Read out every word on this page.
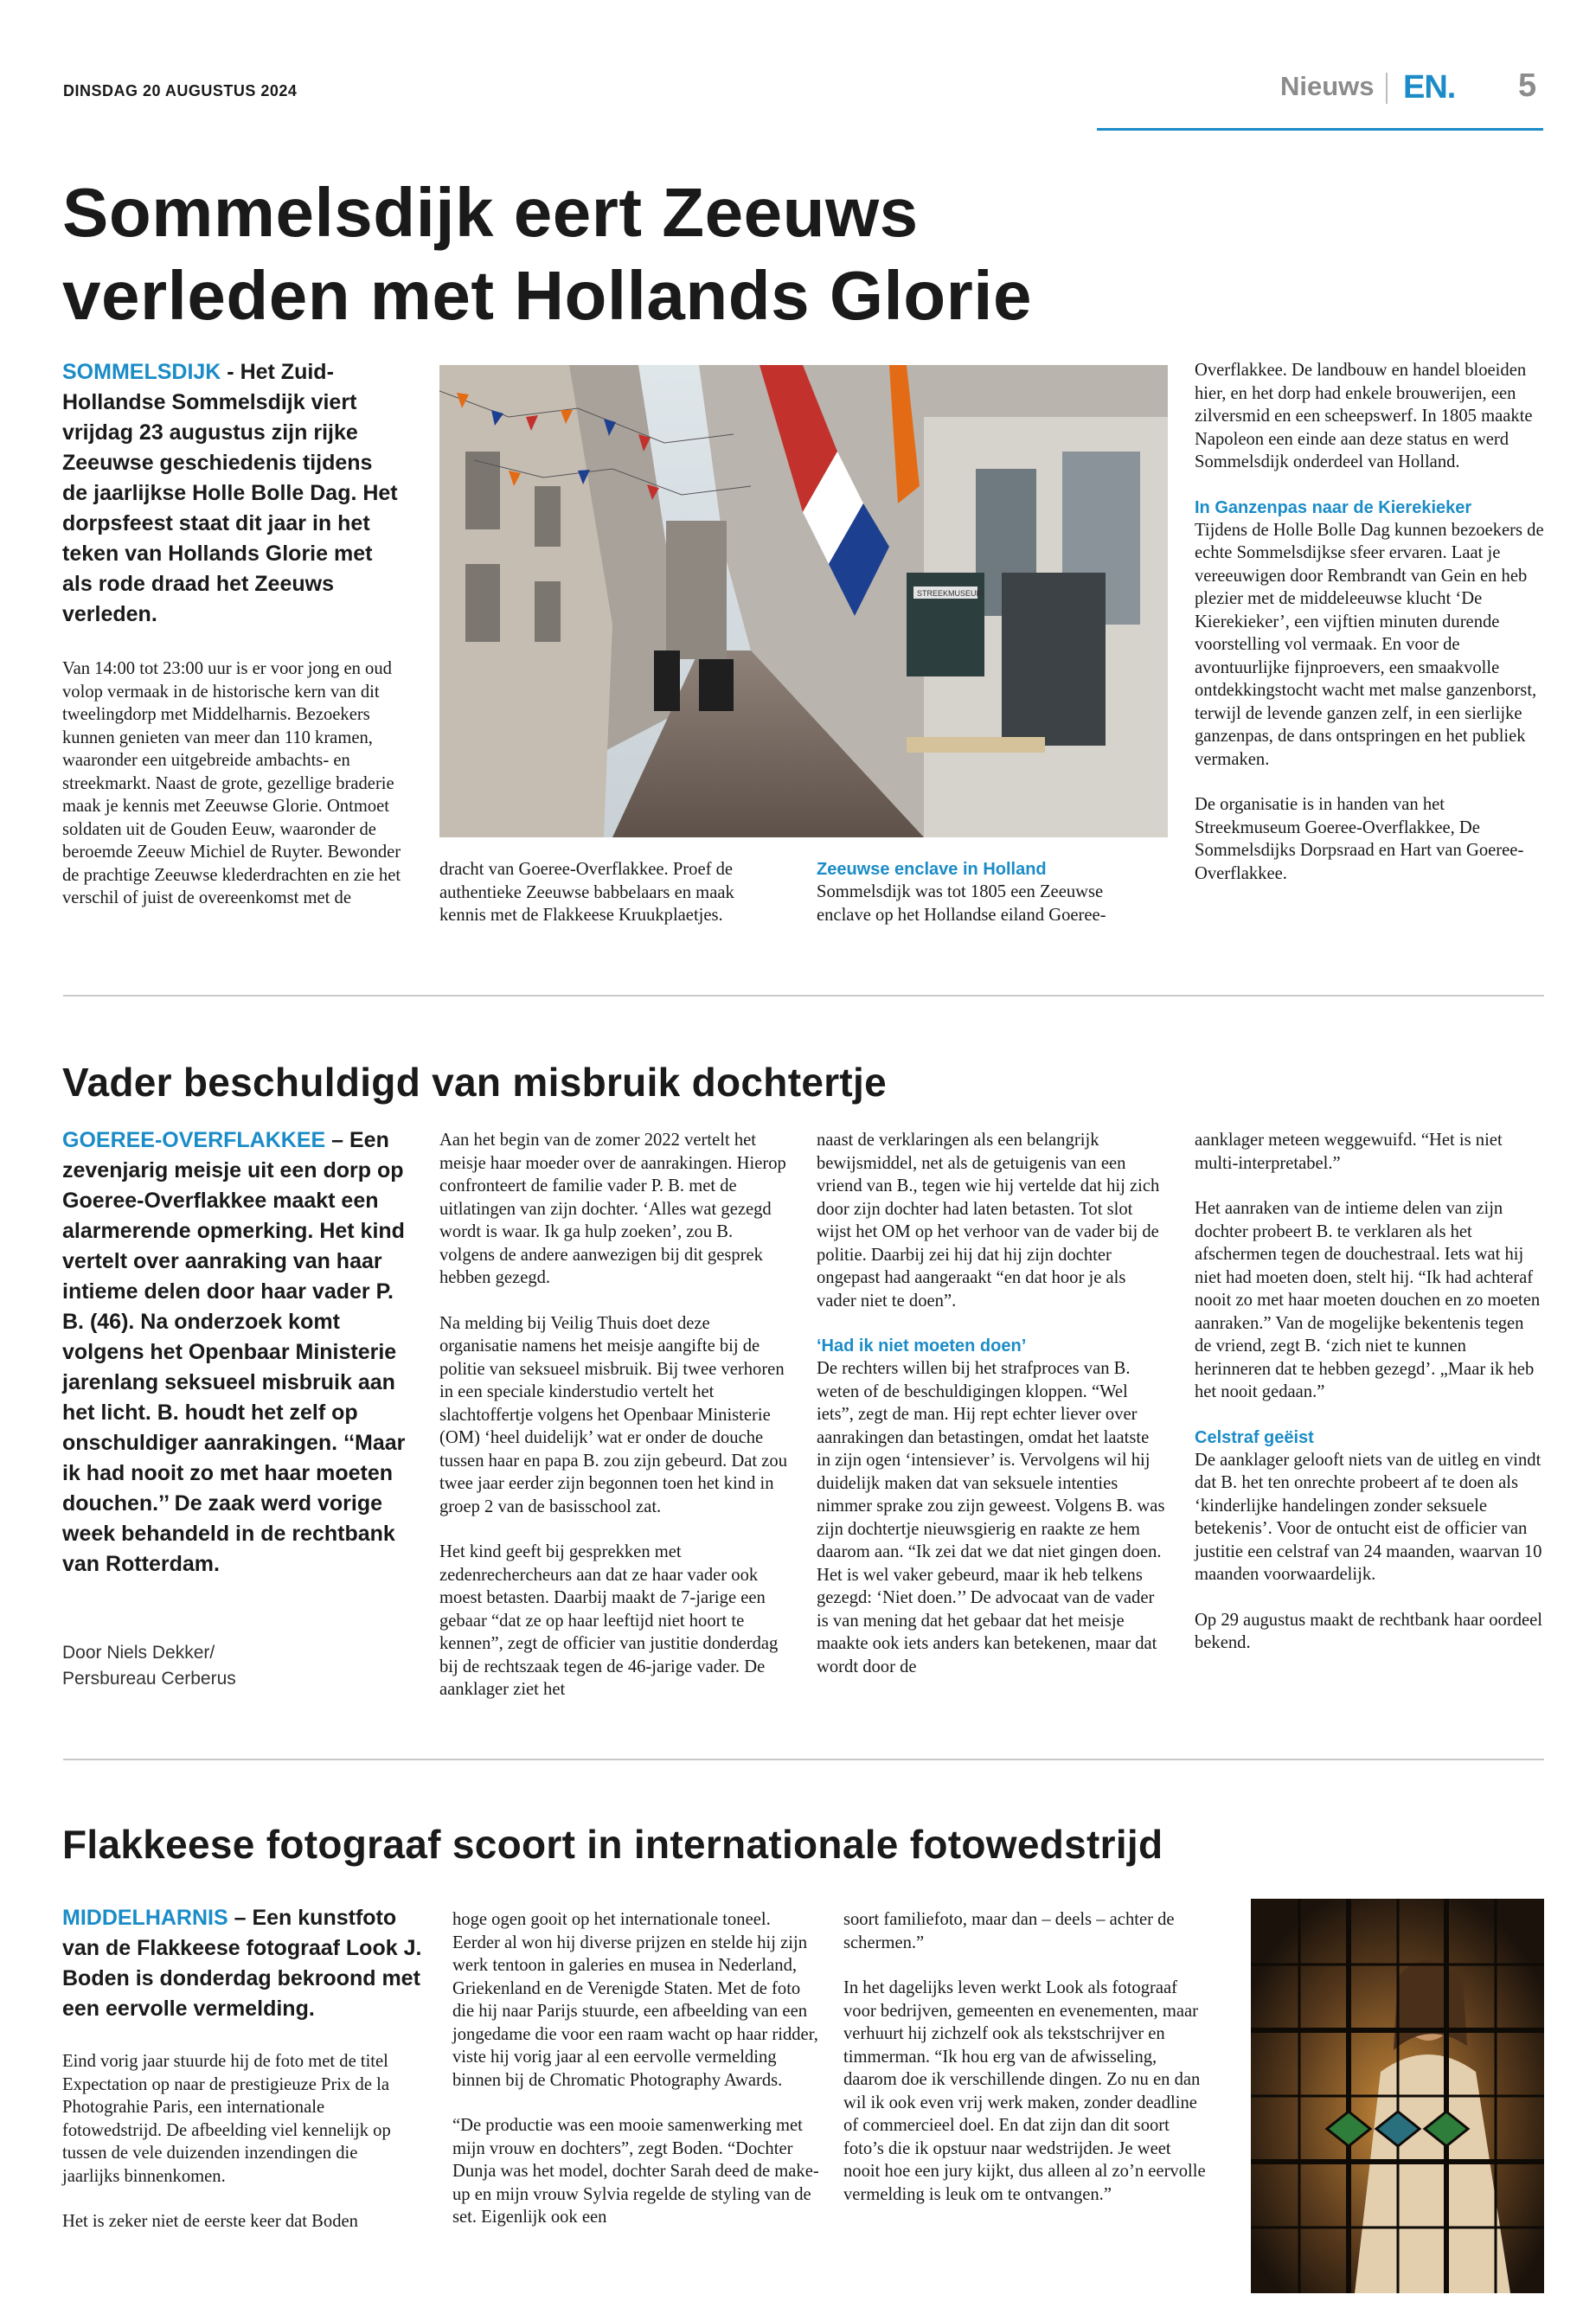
DINSDAG 20 AUGUSTUS 2024	Nieuws EN. 5
Sommelsdijk eert Zeeuws
verleden met Hollands Glorie
SOMMELSDIJK - Het Zuid-Hollandse Sommelsdijk viert vrijdag 23 augustus zijn rijke Zeeuwse geschiedenis tijdens de jaarlijkse Holle Bolle Dag. Het dorpsfeest staat dit jaar in het teken van Hollands Glorie met als rode draad het Zeeuws verleden.

Van 14:00 tot 23:00 uur is er voor jong en oud volop vermaak in de historische kern van dit tweelingdorp met Middelharnis. Bezoekers kunnen genieten van meer dan 110 kramen, waaronder een uitgebreide ambachts- en streekmarkt. Naast de grote, gezellige braderie maak je kennis met Zeeuwse Glorie. Ontmoet soldaten uit de Gouden Eeuw, waaronder de beroemde Zeeuw Michiel de Ruyter. Bewonder de prachtige Zeeuwse klederdrachten en zie het verschil of juist de overeenkomst met de

STREEKMUSEUM

dracht van Goeree-Overflakkee. Proef de authentieke Zeeuwse babbelaars en maak kennis met de Flakkeese Kruukplaetjes.

Zeeuwse enclave in Holland

Sommelsdijk was tot 1805 een Zeeuwse enclave op het Hollandse eiland Goeree-

Overflakkee. De landbouw en handel bloeiden hier, en het dorp had enkele brouwerijen, een zilversmid en een scheepswerf. In 1805 maakte Napoleon een einde aan deze status en werd Sommelsdijk onderdeel van Holland.

In Ganzenpas naar de Kierekieker

Tijdens de Holle Bolle Dag kunnen bezoekers de echte Sommelsdijkse sfeer ervaren. Laat je vereeuwigen door Rembrandt van Gein en heb plezier met de middeleeuwse klucht ‘De Kierekieker’, een vijftien minuten durende voorstelling vol vermaak. En voor de avontuurlijke fijnproevers, een smaakvolle ontdekkingstocht wacht met malse ganzenborst, terwijl de levende ganzen zelf, in een sierlijke ganzenpas, de dans ontspringen en het publiek vermaken.

De organisatie is in handen van het Streekmuseum Goeree-Overflakkee, De Sommelsdijks Dorpsraad en Hart van Goeree-Overflakkee.

Vader beschuldigd van misbruik dochtertje
GOEREE-OVERFLAKKEE – Een zevenjarig meisje uit een dorp op Goeree-Overflakkee maakt een alarmerende opmerking. Het kind vertelt over aanraking van haar intieme delen door haar vader P. B. (46). Na onderzoek komt volgens het Openbaar Ministerie jarenlang seksueel misbruik aan het licht. B. houdt het zelf op onschuldiger aanrakingen. ‘‘Maar ik had nooit zo met haar moeten douchen.’’ De zaak werd vorige week behandeld in de rechtbank van Rotterdam.
Door Niels Dekker/
Persbureau Cerberus

Aan het begin van de zomer 2022 vertelt het meisje haar moeder over de aanrakingen. Hierop confronteert de familie vader P. B. met de uitlatingen van zijn dochter. ‘Alles wat gezegd wordt is waar. Ik ga hulp zoeken’, zou B. volgens de andere aanwezigen bij dit gesprek hebben gezegd.

Na melding bij Veilig Thuis doet deze organisatie namens het meisje aangifte bij de politie van seksueel misbruik. Bij twee verhoren in een speciale kinderstudio vertelt het slachtoffertje volgens het Openbaar Ministerie (OM) ‘heel duidelijk’ wat er onder de douche tussen haar en papa B. zou zijn gebeurd. Dat zou twee jaar eerder zijn begonnen toen het kind in groep 2 van de basisschool zat.

Het kind geeft bij gesprekken met zedenrechercheurs aan dat ze haar vader ook moest betasten. Daarbij maakt de 7-jarige een gebaar “dat ze op haar leeftijd niet hoort te kennen”, zegt de officier van justitie donderdag bij de rechtszaak tegen de 46-jarige vader. De aanklager ziet het

naast de verklaringen als een belangrijk bewijsmiddel, net als de getuigenis van een vriend van B., tegen wie hij vertelde dat hij zich door zijn dochter had laten betasten. Tot slot wijst het OM op het verhoor van de vader bij de politie. Daarbij zei hij dat hij zijn dochter ongepast had aangeraakt “en dat hoor je als vader niet te doen”.

‘Had ik niet moeten doen’

De rechters willen bij het strafproces van B. weten of de beschuldigingen kloppen. “Wel iets”, zegt de man. Hij rept echter liever over aanrakingen dan betastingen, omdat het laatste in zijn ogen ‘intensiever’ is. Vervolgens wil hij duidelijk maken dat van seksuele intenties nimmer sprake zou zijn geweest. Volgens B. was zijn dochtertje nieuwsgierig en raakte ze hem daarom aan. “Ik zei dat we dat niet gingen doen. Het is wel vaker gebeurd, maar ik heb telkens gezegd: ‘Niet doen.’’ De advocaat van de vader is van mening dat het gebaar dat het meisje maakte ook iets anders kan betekenen, maar dat wordt door de

aanklager meteen weggewuifd. “Het is niet multi-interpretabel.”

Het aanraken van de intieme delen van zijn dochter probeert B. te verklaren als het afschermen tegen de douchestraal. Iets wat hij niet had moeten doen, stelt hij. “Ik had achteraf nooit zo met haar moeten douchen en zo moeten aanraken.” Van de mogelijke bekentenis tegen de vriend, zegt B. ‘zich niet te kunnen herinneren dat te hebben gezegd’. „Maar ik heb het nooit gedaan.”

Celstraf geëist

De aanklager gelooft niets van de uitleg en vindt dat B. het ten onrechte probeert af te doen als ‘kinderlijke handelingen zonder seksuele betekenis’. Voor de ontucht eist de officier van justitie een celstraf van 24 maanden, waarvan 10 maanden voorwaardelijk.

Op 29 augustus maakt de rechtbank haar oordeel bekend.

Flakkeese fotograaf scoort in internationale fotowedstrijd
MIDDELHARNIS – Een kunstfoto van de Flakkeese fotograaf Look J. Boden is donderdag bekroond met een eervolle vermelding.

Eind vorig jaar stuurde hij de foto met de titel Expectation op naar de prestigieuze Prix de la Photograhie Paris, een internationale fotowedstrijd. De afbeelding viel kennelijk op tussen de vele duizenden inzendingen die jaarlijks binnenkomen.

Het is zeker niet de eerste keer dat Boden

hoge ogen gooit op het internationale toneel. Eerder al won hij diverse prijzen en stelde hij zijn werk tentoon in galeries en musea in Nederland, Griekenland en de Verenigde Staten. Met de foto die hij naar Parijs stuurde, een afbeelding van een jongedame die voor een raam wacht op haar ridder, viste hij vorig jaar al een eervolle vermelding binnen bij de Chromatic Photography Awards.

“De productie was een mooie samenwerking met mijn vrouw en dochters”, zegt Boden. “Dochter Dunja was het model, dochter Sarah deed de make-up en mijn vrouw Sylvia regelde de styling van de set. Eigenlijk ook een

soort familiefoto, maar dan – deels – achter de schermen.”

In het dagelijks leven werkt Look als fotograaf voor bedrijven, gemeenten en evenementen, maar verhuurt hij zichzelf ook als tekstschrijver en timmerman. “Ik hou erg van de afwisseling, daarom doe ik verschillende dingen. Zo nu en dan wil ik ook even vrij werk maken, zonder deadline of commercieel doel. En dat zijn dan dit soort foto’s die ik opstuur naar wedstrijden. Je weet nooit hoe een jury kijkt, dus alleen al zo’n eervolle vermelding is leuk om te ontvangen.”
